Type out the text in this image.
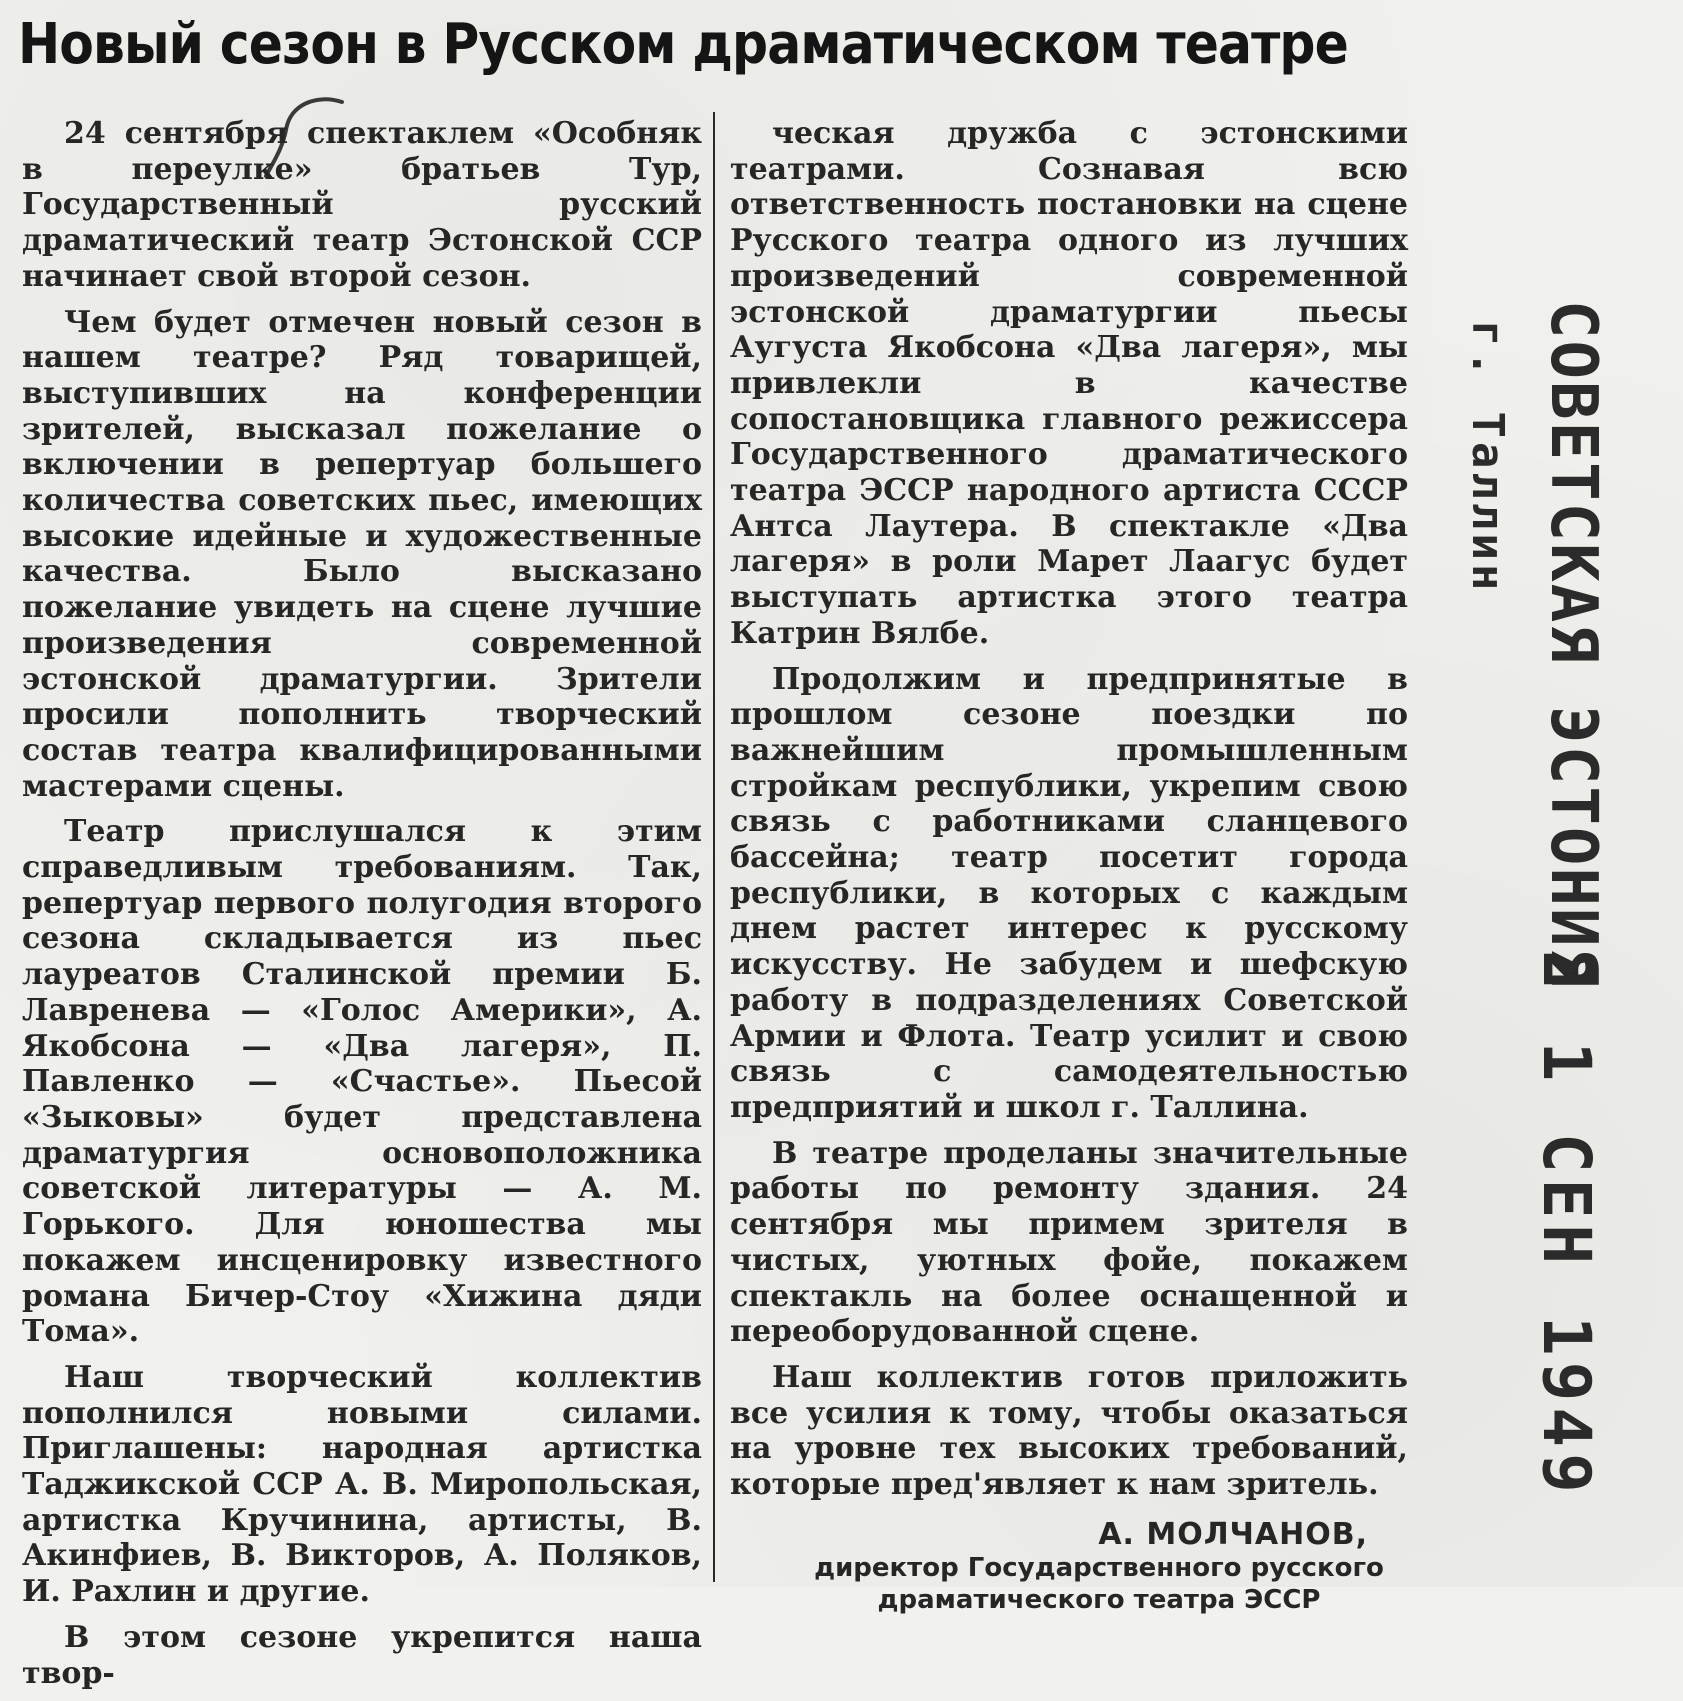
Новый сезон в Русском драматическом театре

24 сентября спектаклем «Особняк в переулке» братьев Тур, Государственный русский драматический театр Эстонской ССР начинает свой второй сезон.

Чем будет отмечен новый сезон в нашем театре? Ряд товарищей, выступивших на конференции зрителей, высказал пожелание о включении в репертуар большего количества советских пьес, имеющих высокие идейные и художественные качества. Было высказано пожелание увидеть на сцене лучшие произведения современной эстонской драматургии. Зрители просили пополнить творческий состав театра квалифицированными мастерами сцены.

Театр прислушался к этим справедливым требованиям. Так, репертуар первого полугодия второго сезона складывается из пьес лауреатов Сталинской премии Б. Лавренева — «Голос Америки», А. Якобсона — «Два лагеря», П. Павленко — «Счастье». Пьесой «Зыковы» будет представлена драматургия основоположника советской литературы — А. М. Горького. Для юношества мы покажем инсценировку известного романа Бичер-Стоу «Хижина дяди Тома».

Наш творческий коллектив пополнился новыми силами. Приглашены: народная артистка Таджикской ССР А. В. Миропольская, артистка Кручинина, артисты, В. Акинфиев, В. Викторов, А. Поляков, И. Рахлин и другие.

В этом сезоне укрепится наша твор-

ческая дружба с эстонскими театрами. Сознавая всю ответственность постановки на сцене Русского театра одного из лучших произведений современной эстонской драматургии пьесы Аугуста Якобсона «Два лагеря», мы привлекли в качестве сопостановщика главного режиссера Государственного драматического театра ЭССР народного артиста СССР Антса Лаутера. В спектакле «Два лагеря» в роли Марет Лаагус будет выступать артистка этого театра Катрин Вялбе.

Продолжим и предпринятые в прошлом сезоне поездки по важнейшим промышленным стройкам республики, укрепим свою связь с работниками сланцевого бассейна; театр посетит города республики, в которых с каждым днем растет интерес к русскому искусству. Не забудем и шефскую работу в подразделениях Советской Армии и Флота. Театр усилит и свою связь с самодеятельностью предприятий и школ г. Таллина.

В театре проделаны значительные работы по ремонту здания. 24 сентября мы примем зрителя в чистых, уютных фойе, покажем спектакль на более оснащенной и переоборудованной сцене.

Наш коллектив готов приложить все усилия к тому, чтобы оказаться на уровне тех высоких требований, которые пред'являет к нам зритель.

А. МОЛЧАНОВ,
директор Государственного русского драматического театра ЭССР
СОВЕТСКАЯ ЭСТОНИЯ
г. Таллин
2 1 СЕН 1949
